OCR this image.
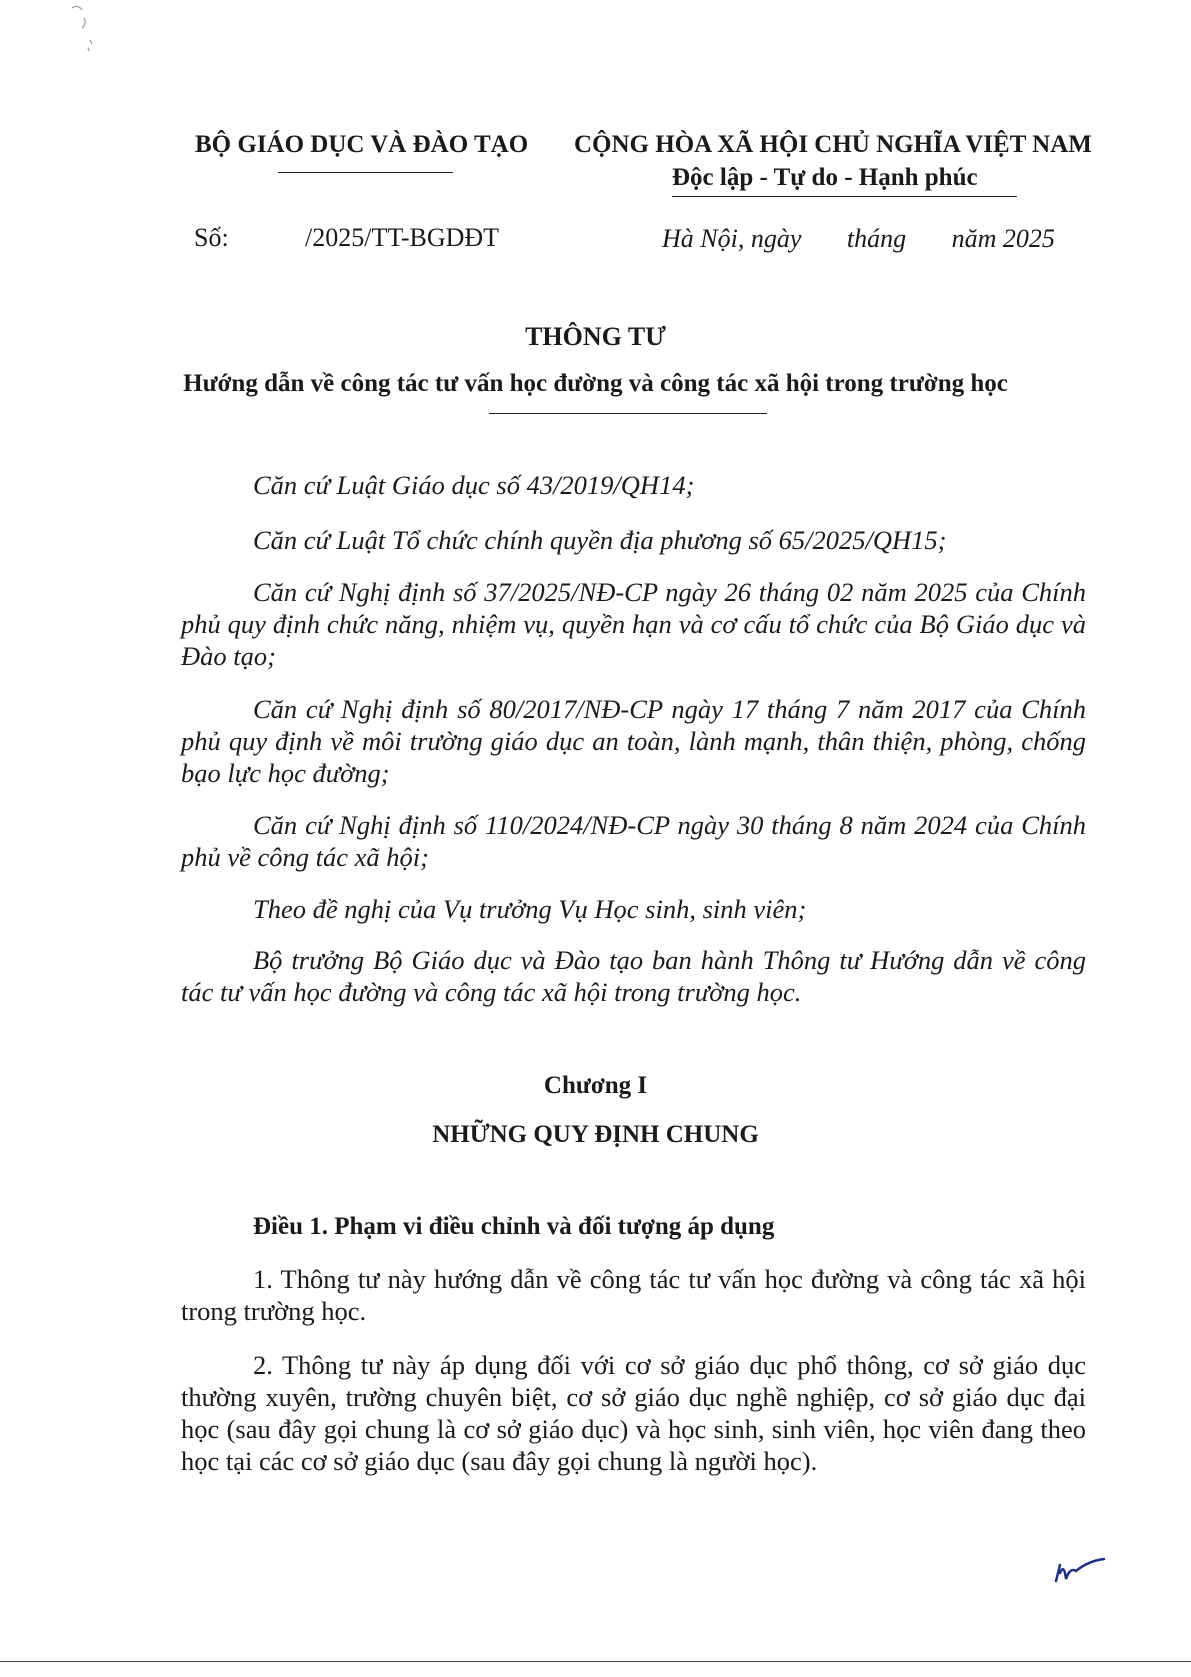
BỘ GIÁO DỤC VÀ ĐÀO TẠO	CỘNG HÒA XÃ HỘI CHỦ NGHĨA VIỆT NAM
Độc lập - Tự do - Hạnh phúc
Số:	/2025/TT-BGDĐT	Hà Nội, ngày       tháng       năm 2025
THÔNG TƯ
Hướng dẫn về công tác tư vấn học đường và công tác xã hội trong trường học
Căn cứ Luật Giáo dục số 43/2019/QH14;
Căn cứ Luật Tổ chức chính quyền địa phương số 65/2025/QH15;
Căn cứ Nghị định số 37/2025/NĐ-CP ngày 26 tháng 02 năm 2025 của Chính phủ quy định chức năng, nhiệm vụ, quyền hạn và cơ cấu tổ chức của Bộ Giáo dục và Đào tạo;
Căn cứ Nghị định số 80/2017/NĐ-CP ngày 17 tháng 7 năm 2017 của Chính phủ quy định về môi trường giáo dục an toàn, lành mạnh, thân thiện, phòng, chống bạo lực học đường;
Căn cứ Nghị định số 110/2024/NĐ-CP ngày 30 tháng 8 năm 2024 của Chính phủ về công tác xã hội;
Theo đề nghị của Vụ trưởng Vụ Học sinh, sinh viên;
Bộ trưởng Bộ Giáo dục và Đào tạo ban hành Thông tư Hướng dẫn về công tác tư vấn học đường và công tác xã hội trong trường học.
Chương I
NHỮNG QUY ĐỊNH CHUNG
Điều 1. Phạm vi điều chỉnh và đối tượng áp dụng
1. Thông tư này hướng dẫn về công tác tư vấn học đường và công tác xã hội trong trường học.
2. Thông tư này áp dụng đối với cơ sở giáo dục phổ thông, cơ sở giáo dục thường xuyên, trường chuyên biệt, cơ sở giáo dục nghề nghiệp, cơ sở giáo dục đại học (sau đây gọi chung là cơ sở giáo dục) và học sinh, sinh viên, học viên đang theo học tại các cơ sở giáo dục (sau đây gọi chung là người học).
